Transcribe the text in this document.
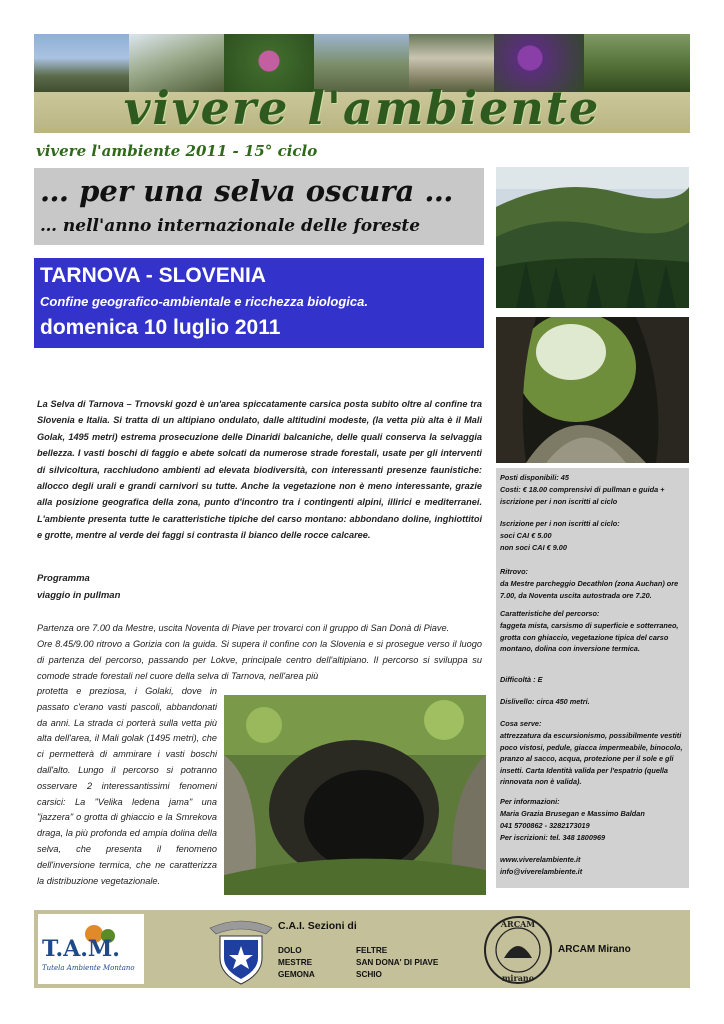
vivere l'ambiente
vivere l'ambiente 2011 - 15° ciclo
… per una selva oscura …
… nell'anno internazionale delle foreste
TARNOVA - SLOVENIA
Confine geografico-ambientale e ricchezza biologica.
domenica 10 luglio 2011
La Selva di Tarnova – Trnovski gozd è un'area spiccatamente carsica posta subito oltre al confine tra Slovenia e Italia. Si tratta di un altipiano ondulato, dalle altitudini modeste, (la vetta più alta è il Mali Golak, 1495 metri) estrema prosecuzione delle Dinaridi balcaniche, delle quali conserva la selvaggia bellezza. I vasti boschi di faggio e abete solcati da numerose strade forestali, usate per gli interventi di silvicoltura, racchiudono ambienti ad elevata biodiversità, con interessanti presenze faunistiche: allocco degli urali e grandi carnivori su tutte. Anche la vegetazione non è meno interessante, grazie alla posizione geografica della zona, punto d'incontro tra i contingenti alpini, illirici e mediterranei. L'ambiente presenta tutte le caratteristiche tipiche del carso montano: abbondano doline, inghiottitoi e grotte, mentre al verde dei faggi si contrasta il bianco delle rocce calcaree.
Programma
viaggio in pullman
Partenza ore 7.00 da Mestre, uscita Noventa di Piave per trovarci con il gruppo di San Donà di Piave.
Ore 8.45/9.00 ritrovo a Gorizia con la guida. Si supera il confine con la Slovenia e si prosegue verso il luogo di partenza del percorso, passando per Lokve, principale centro dell'altipiano. Il percorso si sviluppa su comode strade forestali nel cuore della selva di Tarnova, nell'area più
protetta e preziosa, i Golaki, dove in passato c'erano vasti pascoli, abbandonati da anni. La strada ci porterà sulla vetta più alta dell'area, il Mali golak (1495 metri), che ci permetterà di ammirare i vasti boschi dall'alto. Lungo il percorso si potranno osservare 2 interessantissimi fenomeni carsici: La "Velika ledena jama" una "jazzera" o grotta di ghiaccio e la Smrekova draga, la più profonda ed ampia dolina della selva, che presenta il fenomeno dell'inversione termica, che ne caratterizza la distribuzione vegetazionale.
Posti disponibili: 45
Costi: € 18.00 comprensivi di pullman e guida + iscrizione per i non iscritti al ciclo
Iscrizione per i non iscritti al ciclo:
soci CAI € 5.00
non soci CAI € 9.00
Ritrovo:
da Mestre parcheggio Decathlon (zona Auchan) ore 7.00, da Noventa uscita autostrada ore 7.20.
Caratteristiche del percorso:
faggeta mista, carsismo di superficie e sotterraneo, grotta con ghiaccio, vegetazione tipica del carso montano, dolina con inversione termica.
Difficoltà : E
Dislivello: circa 450 metri.
Cosa serve:
attrezzatura da escursionismo, possibilmente vestiti poco vistosi, pedule, giacca impermeabile, binocolo, pranzo al sacco, acqua, protezione per il sole e gli insetti. Carta Identità valida per l'espatrio (quella rinnovata non è valida).
Per informazioni:
Maria Grazia Brusegan e Massimo Baldan
041 5700862 - 3282173019
Per iscrizioni: tel. 348 1800969
www.viverelambiente.it
info@viverelambiente.it
T.A.M.
Tutela Ambiente Montano
C.A.I. Sezioni di
DOLO
MESTRE
GEMONA
FELTRE
SAN DONA' DI PIAVE
SCHIO
ARCAM
mirano
ARCAM Mirano
